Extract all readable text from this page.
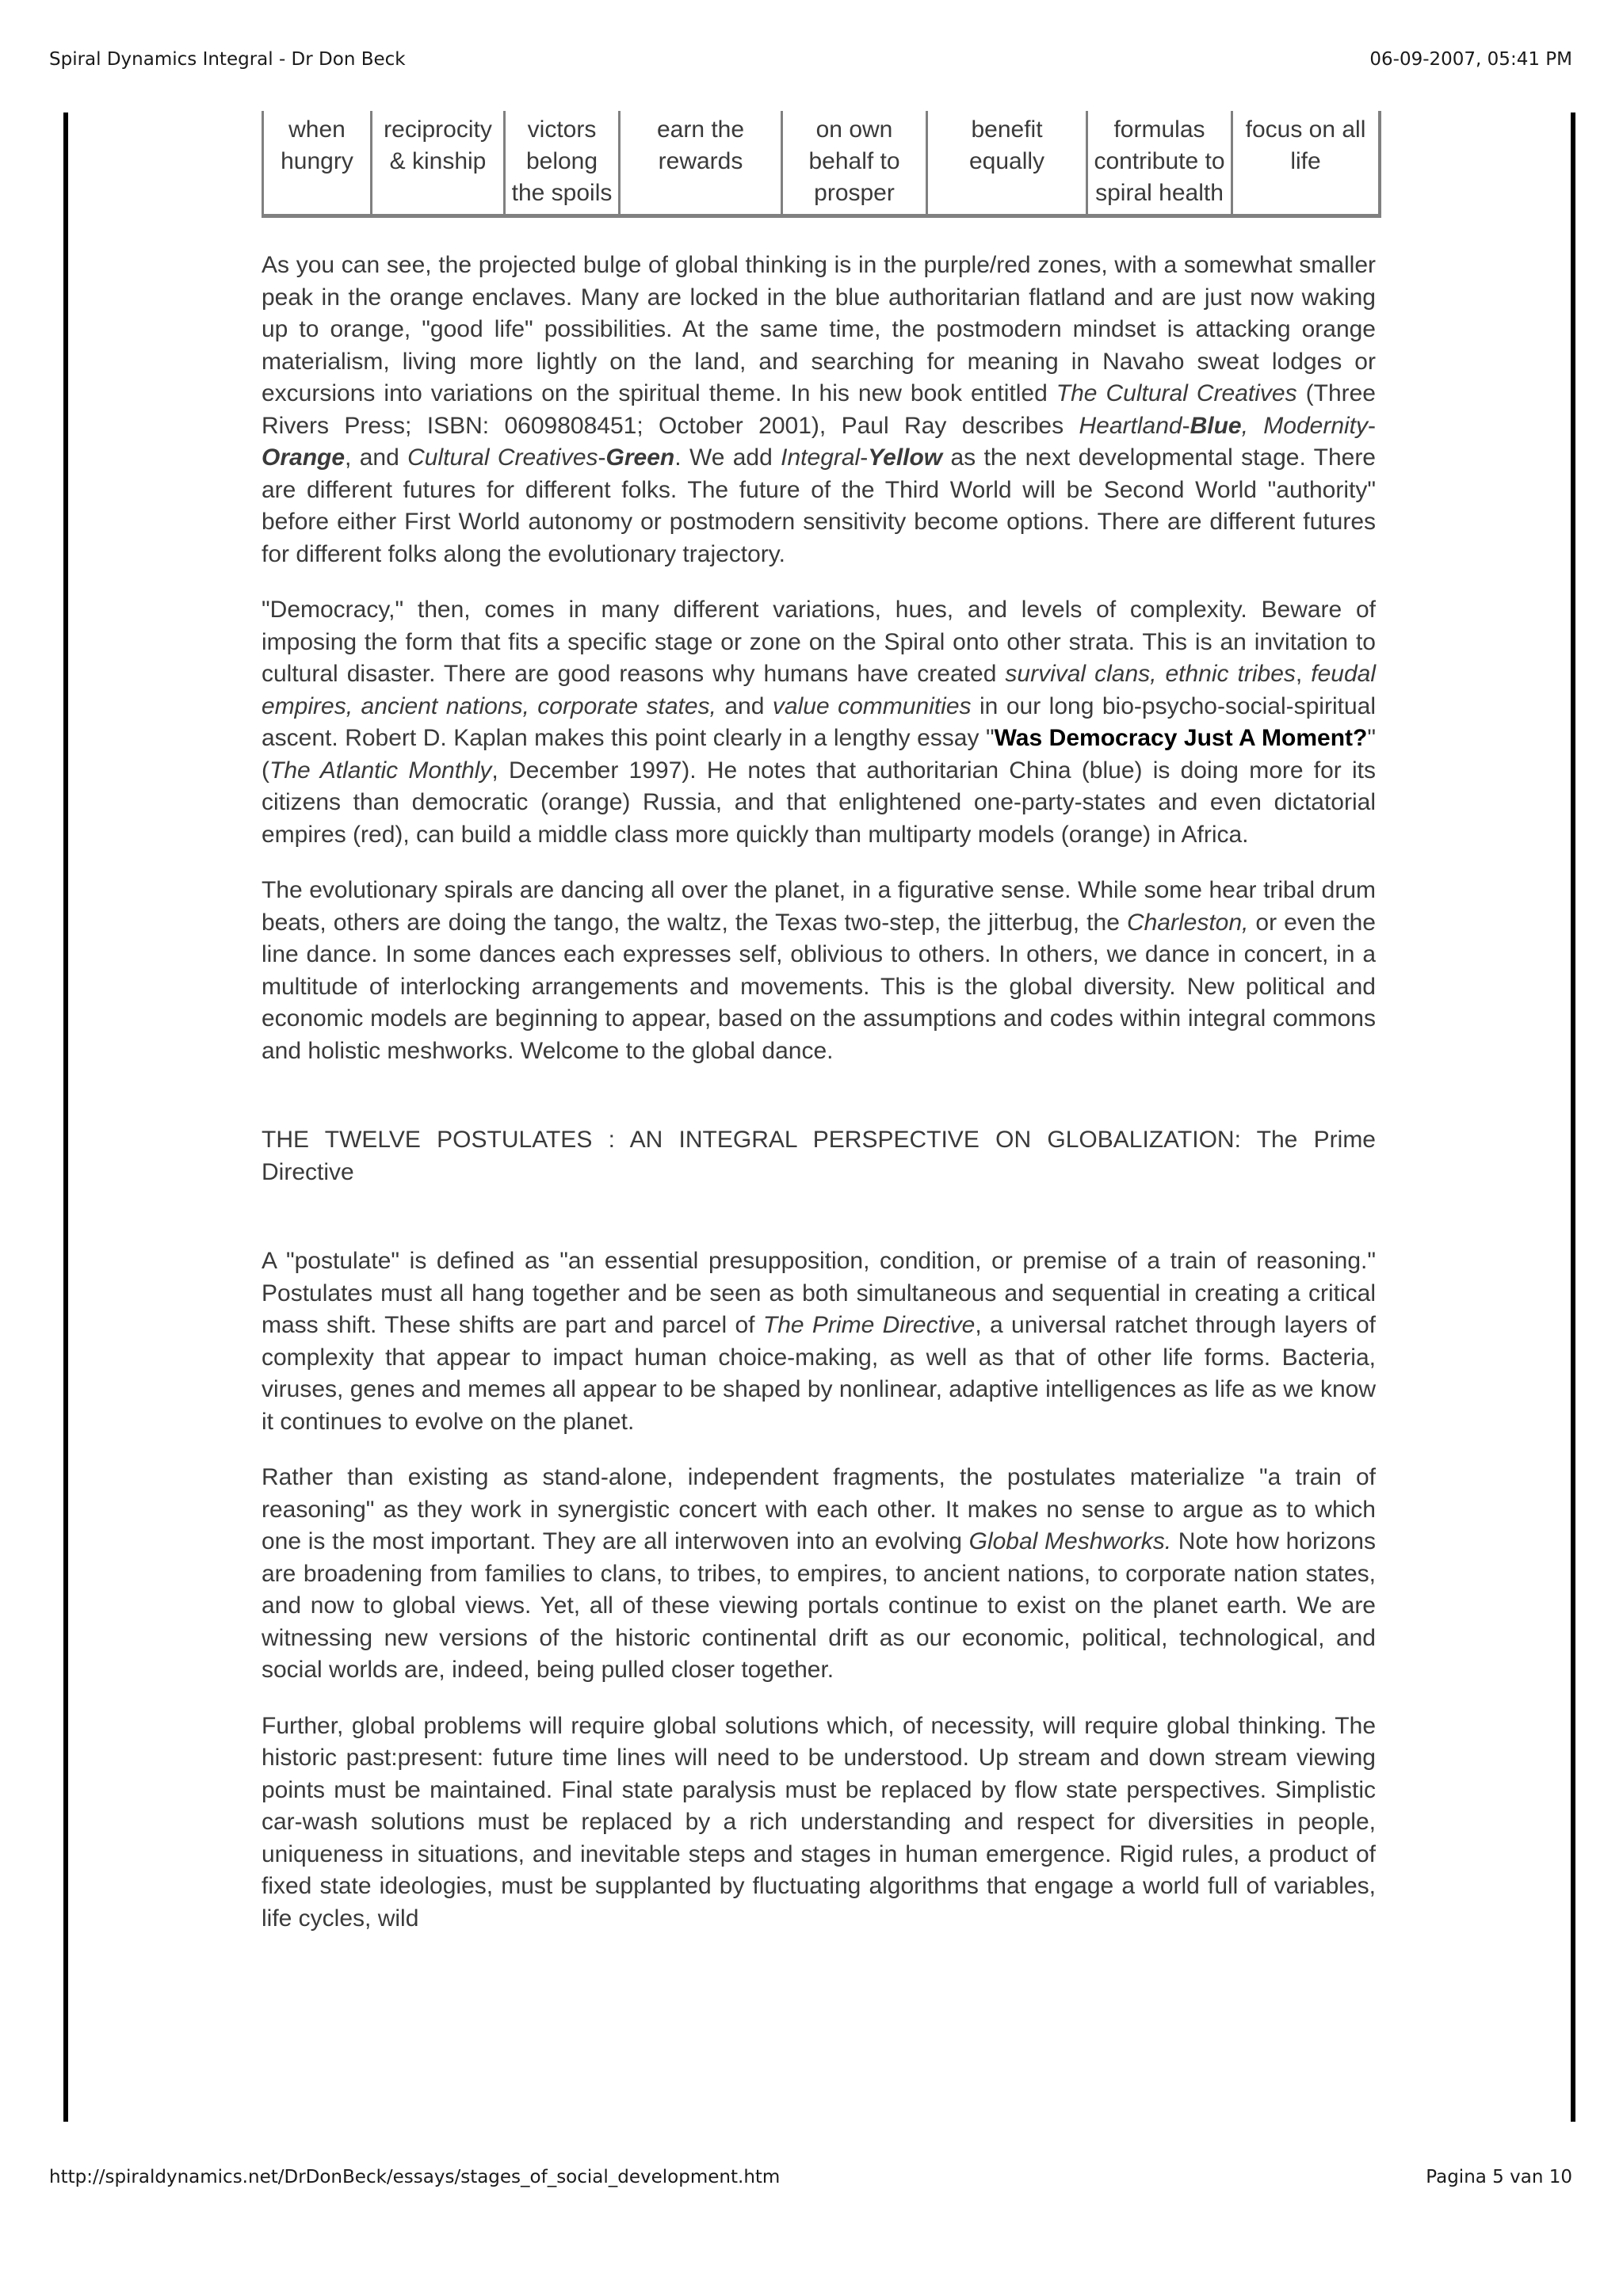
Spiral Dynamics Integral - Dr Don Beck	06-09-2007, 05:41 PM
when hungry	reciprocity & kinship	victors belong the spoils	earn the rewards	on own behalf to prosper	benefit equally	formulas contribute to spiral health	focus on all life

As you can see, the projected bulge of global thinking is in the purple/red zones, with a somewhat smaller peak in the orange enclaves. Many are locked in the blue authoritarian flatland and are just now waking up to orange, "good life" possibilities. At the same time, the postmodern mindset is attacking orange materialism, living more lightly on the land, and searching for meaning in Navaho sweat lodges or excursions into variations on the spiritual theme. In his new book entitled The Cultural Creatives (Three Rivers Press; ISBN: 0609808451; October 2001), Paul Ray describes Heartland-Blue, Modernity-Orange, and Cultural Creatives-Green. We add Integral-Yellow as the next developmental stage. There are different futures for different folks. The future of the Third World will be Second World "authority" before either First World autonomy or postmodern sensitivity become options. There are different futures for different folks along the evolutionary trajectory.

"Democracy," then, comes in many different variations, hues, and levels of complexity. Beware of imposing the form that fits a specific stage or zone on the Spiral onto other strata. This is an invitation to cultural disaster. There are good reasons why humans have created survival clans, ethnic tribes, feudal empires, ancient nations, corporate states, and value communities in our long bio-psycho-social-spiritual ascent. Robert D. Kaplan makes this point clearly in a lengthy essay "Was Democracy Just A Moment?" (The Atlantic Monthly, December 1997). He notes that authoritarian China (blue) is doing more for its citizens than democratic (orange) Russia, and that enlightened one-party-states and even dictatorial empires (red), can build a middle class more quickly than multiparty models (orange) in Africa.

The evolutionary spirals are dancing all over the planet, in a figurative sense. While some hear tribal drum beats, others are doing the tango, the waltz, the Texas two-step, the jitterbug, the Charleston, or even the line dance. In some dances each expresses self, oblivious to others. In others, we dance in concert, in a multitude of interlocking arrangements and movements. This is the global diversity. New political and economic models are beginning to appear, based on the assumptions and codes within integral commons and holistic meshworks. Welcome to the global dance.

THE TWELVE POSTULATES : AN INTEGRAL PERSPECTIVE ON GLOBALIZATION: The Prime Directive

A "postulate" is defined as "an essential presupposition, condition, or premise of a train of reasoning." Postulates must all hang together and be seen as both simultaneous and sequential in creating a critical mass shift. These shifts are part and parcel of The Prime Directive, a universal ratchet through layers of complexity that appear to impact human choice-making, as well as that of other life forms. Bacteria, viruses, genes and memes all appear to be shaped by nonlinear, adaptive intelligences as life as we know it continues to evolve on the planet.

Rather than existing as stand-alone, independent fragments, the postulates materialize "a train of reasoning" as they work in synergistic concert with each other. It makes no sense to argue as to which one is the most important. They are all interwoven into an evolving Global Meshworks. Note how horizons are broadening from families to clans, to tribes, to empires, to ancient nations, to corporate nation states, and now to global views. Yet, all of these viewing portals continue to exist on the planet earth. We are witnessing new versions of the historic continental drift as our economic, political, technological, and social worlds are, indeed, being pulled closer together.

Further, global problems will require global solutions which, of necessity, will require global thinking. The historic past:present: future time lines will need to be understood. Up stream and down stream viewing points must be maintained. Final state paralysis must be replaced by flow state perspectives. Simplistic car-wash solutions must be replaced by a rich understanding and respect for diversities in people, uniqueness in situations, and inevitable steps and stages in human emergence. Rigid rules, a product of fixed state ideologies, must be supplanted by fluctuating algorithms that engage a world full of variables, life cycles, wild

http://spiraldynamics.net/DrDonBeck/essays/stages_of_social_development.htm	Pagina 5 van 10
